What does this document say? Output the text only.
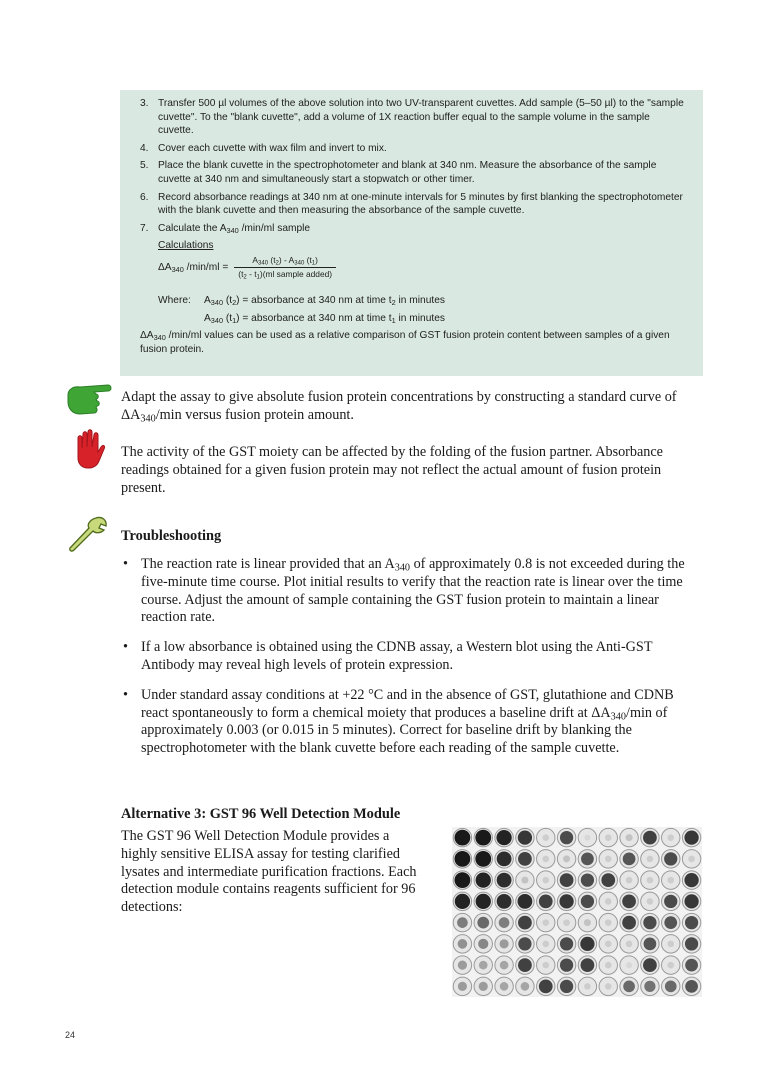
3. Transfer 500 µl volumes of the above solution into two UV-transparent cuvettes. Add sample (5–50 µl) to the "sample cuvette". To the "blank cuvette", add a volume of 1X reaction buffer equal to the sample volume in the sample cuvette.
4. Cover each cuvette with wax film and invert to mix.
5. Place the blank cuvette in the spectrophotometer and blank at 340 nm. Measure the absorbance of the sample cuvette at 340 nm and simultaneously start a stopwatch or other timer.
6. Record absorbance readings at 340 nm at one-minute intervals for 5 minutes by first blanking the spectrophotometer with the blank cuvette and then measuring the absorbance of the sample cuvette.
7. Calculate the $A_{340}$ /min/ml sample
Calculations
$\Delta A_{340}$ $/\min/ml = \frac{A_{340} (t_2) - A_{340} (t_1)}{(t_2 - t_1)(ml sample added)}$
Where:	$A_{340}$ $(t_2)$ = absorbance at 340 nm at time $t_2$ in minutes
$A_{340}$ $(t_1)$ = absorbance at 340 nm at time $t_1$ in minutes
$\Delta A_{340}$ /min/ml values can be used as a relative comparison of GST fusion protein content between samples of a given fusion protein.
Adapt the assay to give absolute fusion protein concentrations by constructing a standard curve of $\Delta A_{340}/\min$ versus fusion protein amount.
The activity of the GST moiety can be affected by the folding of the fusion partner. Absorbance readings obtained for a given fusion protein may not reflect the actual amount of fusion protein present.
Troubleshooting
• The reaction rate is linear provided that an $A_{340}$ of approximately 0.8 is not exceeded during the five-minute time course. Plot initial results to verify that the reaction rate is linear over the time course. Adjust the amount of sample containing the GST fusion protein to maintain a linear reaction rate.
• If a low absorbance is obtained using the CDNB assay, a Western blot using the Anti-GST Antibody may reveal high levels of protein expression.
• Under standard assay conditions at +22 °C and in the absence of GST, glutathione and CDNB react spontaneously to form a chemical moiety that produces a baseline drift at $\Delta A_{340}/\min$ of approximately 0.003 (or 0.015 in 5 minutes). Correct for baseline drift by blanking the spectrophotometer with the blank cuvette before each reading of the sample cuvette.
Alternative 3: GST 96 Well Detection Module
The GST 96 Well Detection Module provides a highly sensitive ELISA assay for testing clarified lysates and intermediate purification fractions. Each detection module contains reagents sufficient for 96 detections:
24
